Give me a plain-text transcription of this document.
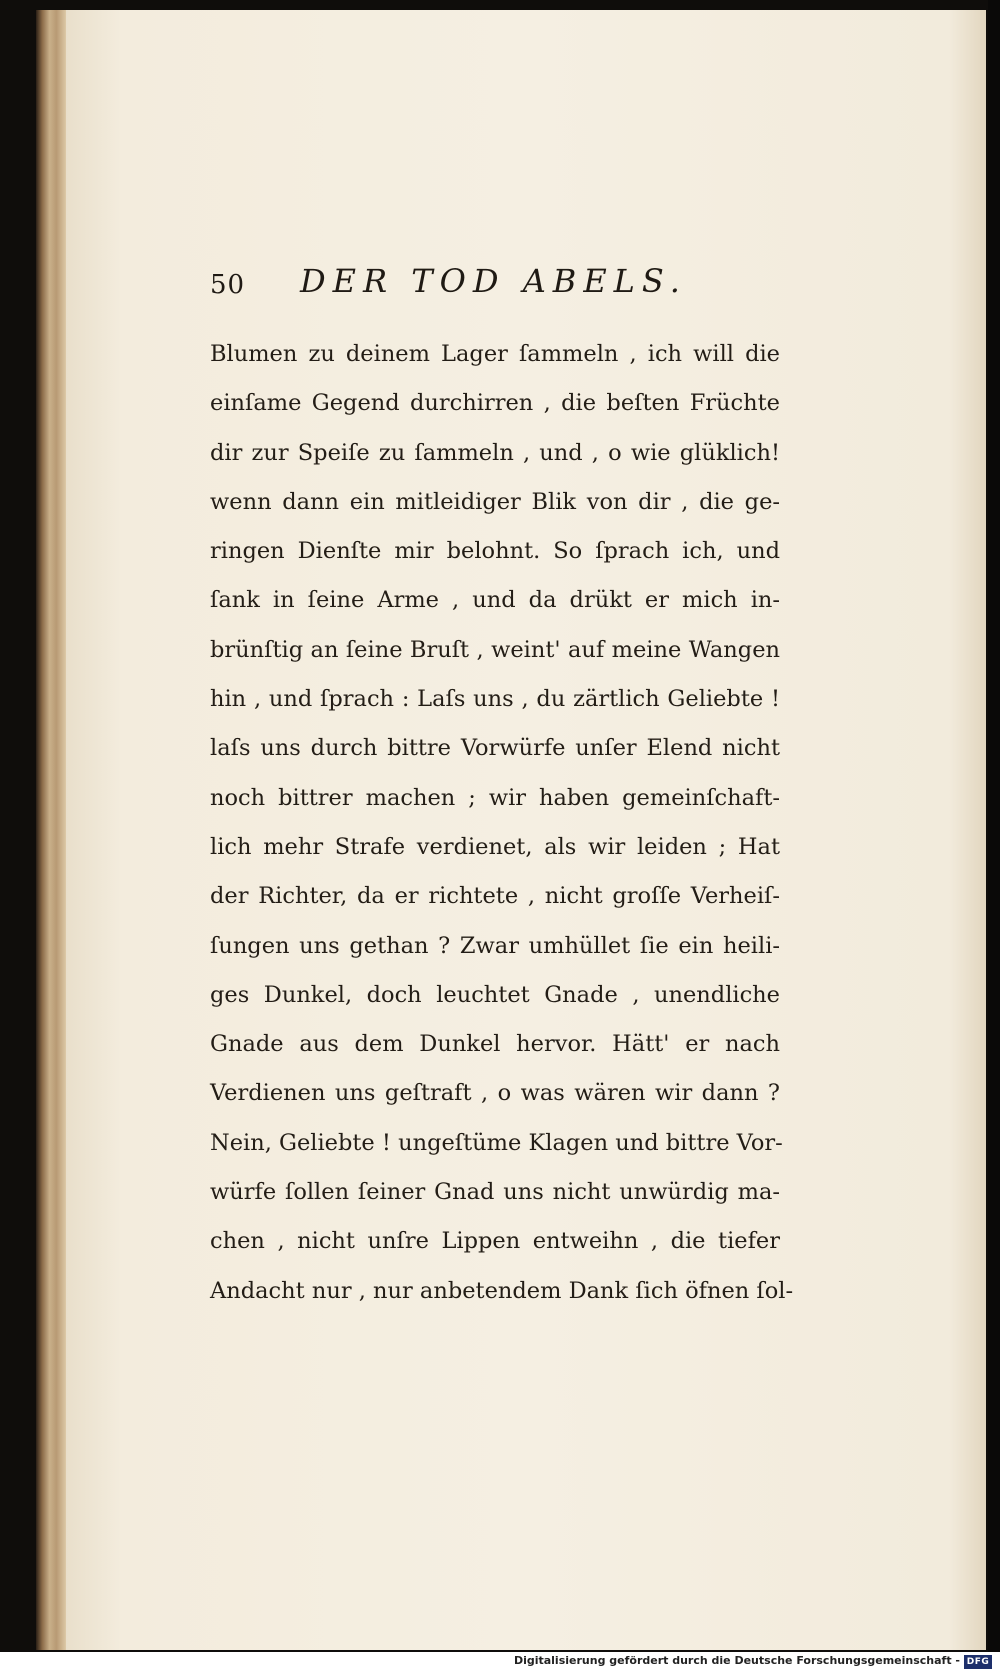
50 DER TOD ABELS.
Blumen zu deinem Lager ſammeln , ich will die
einſame Gegend durchirren , die beſten Früchte
dir zur Speiſe zu ſammeln , und , o wie glüklich!
wenn dann ein mitleidiger Blik von dir , die ge-
ringen Dienſte mir belohnt. So ſprach ich, und
ſank in ſeine Arme , und da drükt er mich in-
brünſtig an ſeine Bruſt , weint' auf meine Wangen
hin , und ſprach : Laſs uns , du zärtlich Geliebte !
laſs uns durch bittre Vorwürfe unſer Elend nicht
noch bittrer machen ; wir haben gemeinſchaft-
lich mehr Strafe verdienet, als wir leiden ; Hat
der Richter, da er richtete , nicht groſſe Verheiſ-
ſungen uns gethan ? Zwar umhüllet ſie ein heili-
ges Dunkel, doch leuchtet Gnade , unendliche
Gnade aus dem Dunkel hervor. Hätt' er nach
Verdienen uns geſtraft , o was wären wir dann ?
Nein, Geliebte ! ungeſtüme Klagen und bittre Vor-
würfe ſollen ſeiner Gnad uns nicht unwürdig ma-
chen , nicht unſre Lippen entweihn , die tiefer
Andacht nur , nur anbetendem Dank ſich öfnen ſol-
Digitalisierung gefördert durch die Deutsche Forschungsgemeinschaft - DFG
